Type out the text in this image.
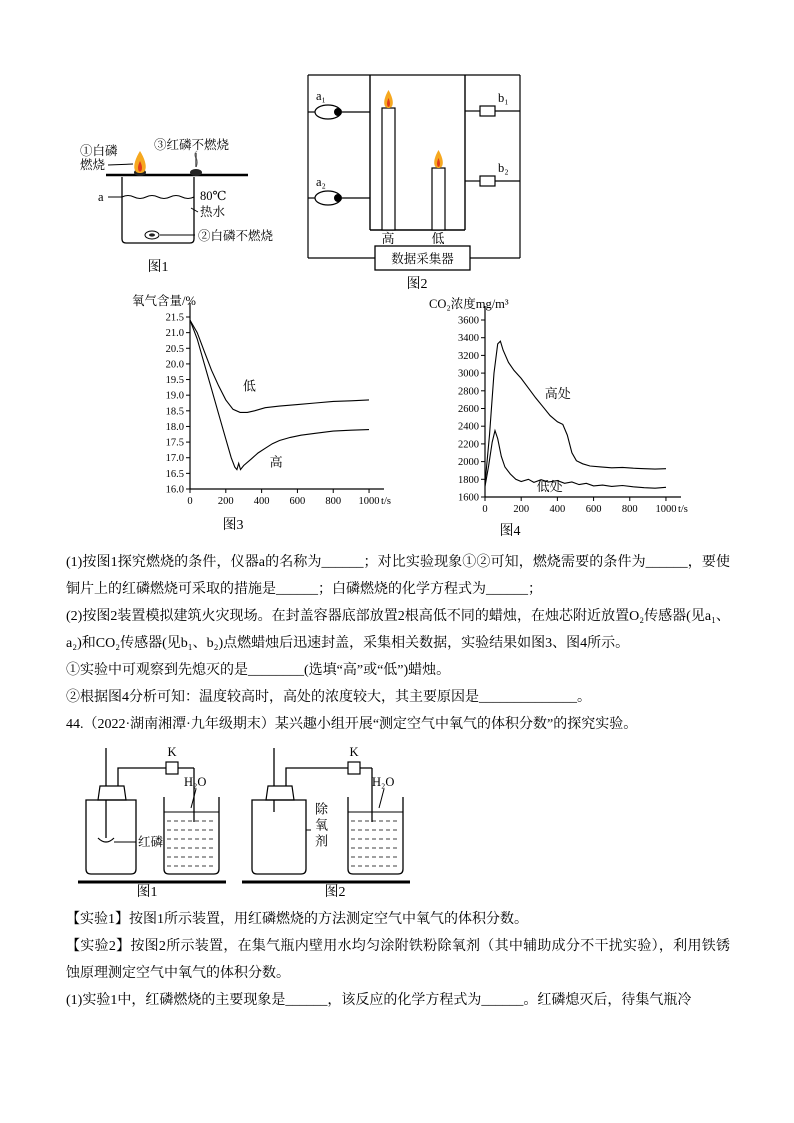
①白磷
燃烧
③红磷不燃烧
a	80℃
热水
②白磷不燃烧
图1
a₁
a₂
b₁
b₂
高	低
数据采集器
图2
21.5
21.0
20.5
20.0
19.5
19.0
18.5
18.0
17.5
17.0
16.5
16.0
0 200 400 600 800 1000 t/s
氧气含量/%
低
高
图3
3600
3400
3200
3000
2800
2600
2400
2200
2000
1800
1600
0 200 400 600 800 1000 t/s
CO₂浓度mg/m³
高处
低处
图4

(1)按图1探究燃烧的条件，仪器a的名称为______；对比实验现象①②可知，燃烧需要的条件为______，要使铜片上的红磷燃烧可采取的措施是______；白磷燃烧的化学方程式为______；

(2)按图2装置模拟建筑火灾现场。在封盖容器底部放置2根高低不同的蜡烛，在烛芯附近放置O₂传感器(见a₁、a₂)和CO₂传感器(见b₁、b₂)点燃蜡烛后迅速封盖，采集相关数据，实验结果如图3、图4所示。

①实验中可观察到先熄灭的是________(选填“高”或“低”)蜡烛。

②根据图4分析可知：温度较高时，高处的浓度较大，其主要原因是______________。

44.（2022·湖南湘潭·九年级期末）某兴趣小组开展“测定空气中氧气的体积分数”的探究实验。

K
H₂O
红磷
图1
K
H₂O
除氧剂
图2

【实验1】按图1所示装置，用红磷燃烧的方法测定空气中氧气的体积分数。

【实验2】按图2所示装置，在集气瓶内壁用水均匀涂附铁粉除氧剂（其中辅助成分不干扰实验），利用铁锈蚀原理测定空气中氧气的体积分数。

(1)实验1中，红磷燃烧的主要现象是______，该反应的化学方程式为______。红磷熄灭后，待集气瓶冷
